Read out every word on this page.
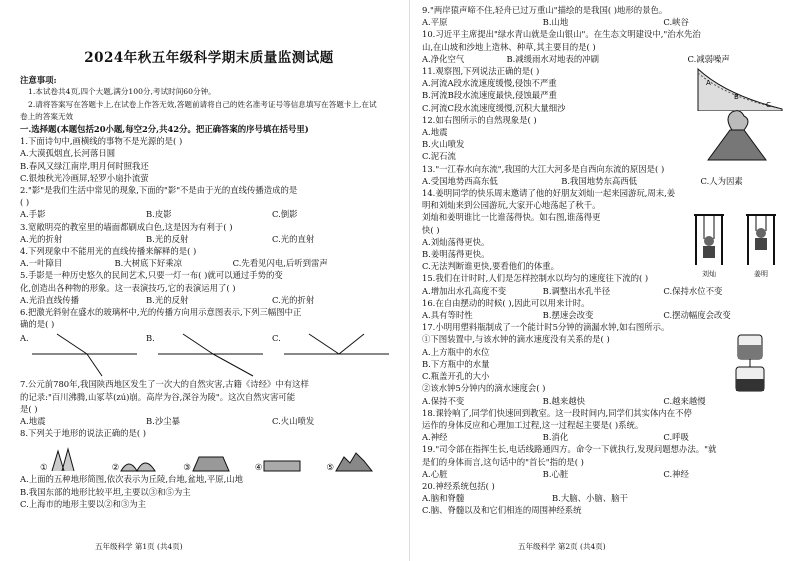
2024年秋五年级科学期末质量监测试题

注意事项:

1.本试卷共4页,四个大题,满分100分,考试时间60分钟。

2.请将答案写在答题卡上,在试卷上作答无效,答题前请将自己的姓名准考证号等信息填写在答题卡上,在试

卷上的答案无效

一.选择题(本题包括20小题,每空2分,共42分。把正确答案的序号填在括号里)

1.下面诗句中,画横线的事物不是光源的是( )

A.大漠孤烟直,长河落日圆

B.春风又绿江南岸,明月何时照我还

C.银烛秋光冷画屏,轻罗小扇扑流萤

2."影"是我们生活中常见的现象,下面的"影"不是由于光的直线传播造成的是

( )

A.手影	B.皮影	C.倒影

3.宽敞明亮的教室里的墙面都刷成白色,这是因为有利于( )

A.光的折射	B.光的反射	C.光的直射

4.下列现象中不能用光的直线传播来解释的是( )

A.一叶障目	B.大树底下好乘凉	C.先看见闪电,后听到雷声

5.手影是一种历史悠久的民间艺术,只要一灯一布( )就可以通过手势的变

化,创造出各种物的形象。这一表演技巧,它的表演运用了( )

A.光沿直线传播	B.光的反射	C.光的折射

6.把激光斜射在盛水的玻璃杯中,光的传播方向用示意图表示,下列三幅图中正

确的是( )

A.	B.	C.

7.公元前780年,我国陕西地区发生了一次大的自然灾害,古籍《诗经》中有这样

的记录:"百川沸腾,山冢萃(zú)崩。高岸为谷,深谷为陵"。这次自然灾害可能

是( )

A.地震	B.沙尘暴	C.火山喷发

8.下列关于地形的说法正确的是( )

①	②	③	④	⑤

A.上面的五种地形简图,依次表示为丘陵,台地,盆地,平原,山地

B.我国东部的地形比较平坦,主要以③和⑤为主

C.上海市的地形主要以②和③为主

五年级科学 第1页 (共4页)

9."两岸猿声啼不住,轻舟已过万重山"描绘的是我国( )地形的景色。

A.平原	B.山地	C.峡谷

10.习近平主席提出"绿水青山就是金山银山"。在生态文明建设中,"治水先治

山,在山坡和沙地上造林、种草,其主要目的是( )

A.净化空气	B.减缓雨水对地表的冲刷	C.减弱噪声

11.观察图,下列说法正确的是( )

A.河流A段水流速度缓慢,侵蚀不严重

B.河流B段水流速度最快,侵蚀最严重

C.河流C段水流速度缓慢,沉积大量细沙

A
B
C

12.如右图所示的自然现象是( )

A.地震

B.火山喷发

C.泥石流

13."一江春水向东流",我国的大江大河多是自西向东流的原因是( )

A.受国地势西高东低	B.我国地势东高西低	C.人为因素

14.姜明同学的快乐周末邀请了他的好朋友刘灿一起来园游玩,周末,姜

明和刘灿来到公园游玩,大家开心地荡起了秋千。

刘灿和姜明谁比一比谁荡得快。如右图,谁荡得更

快( )

A.刘灿荡得更快。

B.姜明荡得更快。

C.无法判断谁更快,要看他们的体重。

刘灿	姜明

15.我们在计时时,人们是怎样控制水以均匀的速度往下流的( )

A.增加出水孔高度不变	B.调整出水孔半径	C.保持水位不变

16.在自由摆动的时候( ),因此可以用来计时。

A.具有等时性	B.摆速会改变	C.摆动幅度会改变

17.小明用塑料瓶制成了一个能计时5分钟的滴漏水钟,如右图所示。

①下图装置中,与该水钟的滴水速度没有关系的是( )

A.上方瓶中的水位

B.下方瓶中的水量

C.瓶盖开孔的大小

②该水钟5分钟内的滴水速度会( )

A.保持不变	B.越来越快	C.越来越慢

18.课铃响了,同学们快速回到教室。这一段时间内,同学们其实体内在不停

运作的身体反应和心理加工过程,这一过程起主要是( )系统。

A.神经	B.消化	C.呼吸

19."司令部在指挥生长,电话线路通四方。命令一下就执行,发现问题想办法。"就

是们的身体而言,这句话中的"首长"指的是( )

A.心脏	B.心脏	C.神经

20.神经系统包括( )

A.脑和脊髓	B.大脑、小脑、脑干

C.脑、脊髓以及和它们相连的周围神经系统

五年级科学 第2页 (共4页)
